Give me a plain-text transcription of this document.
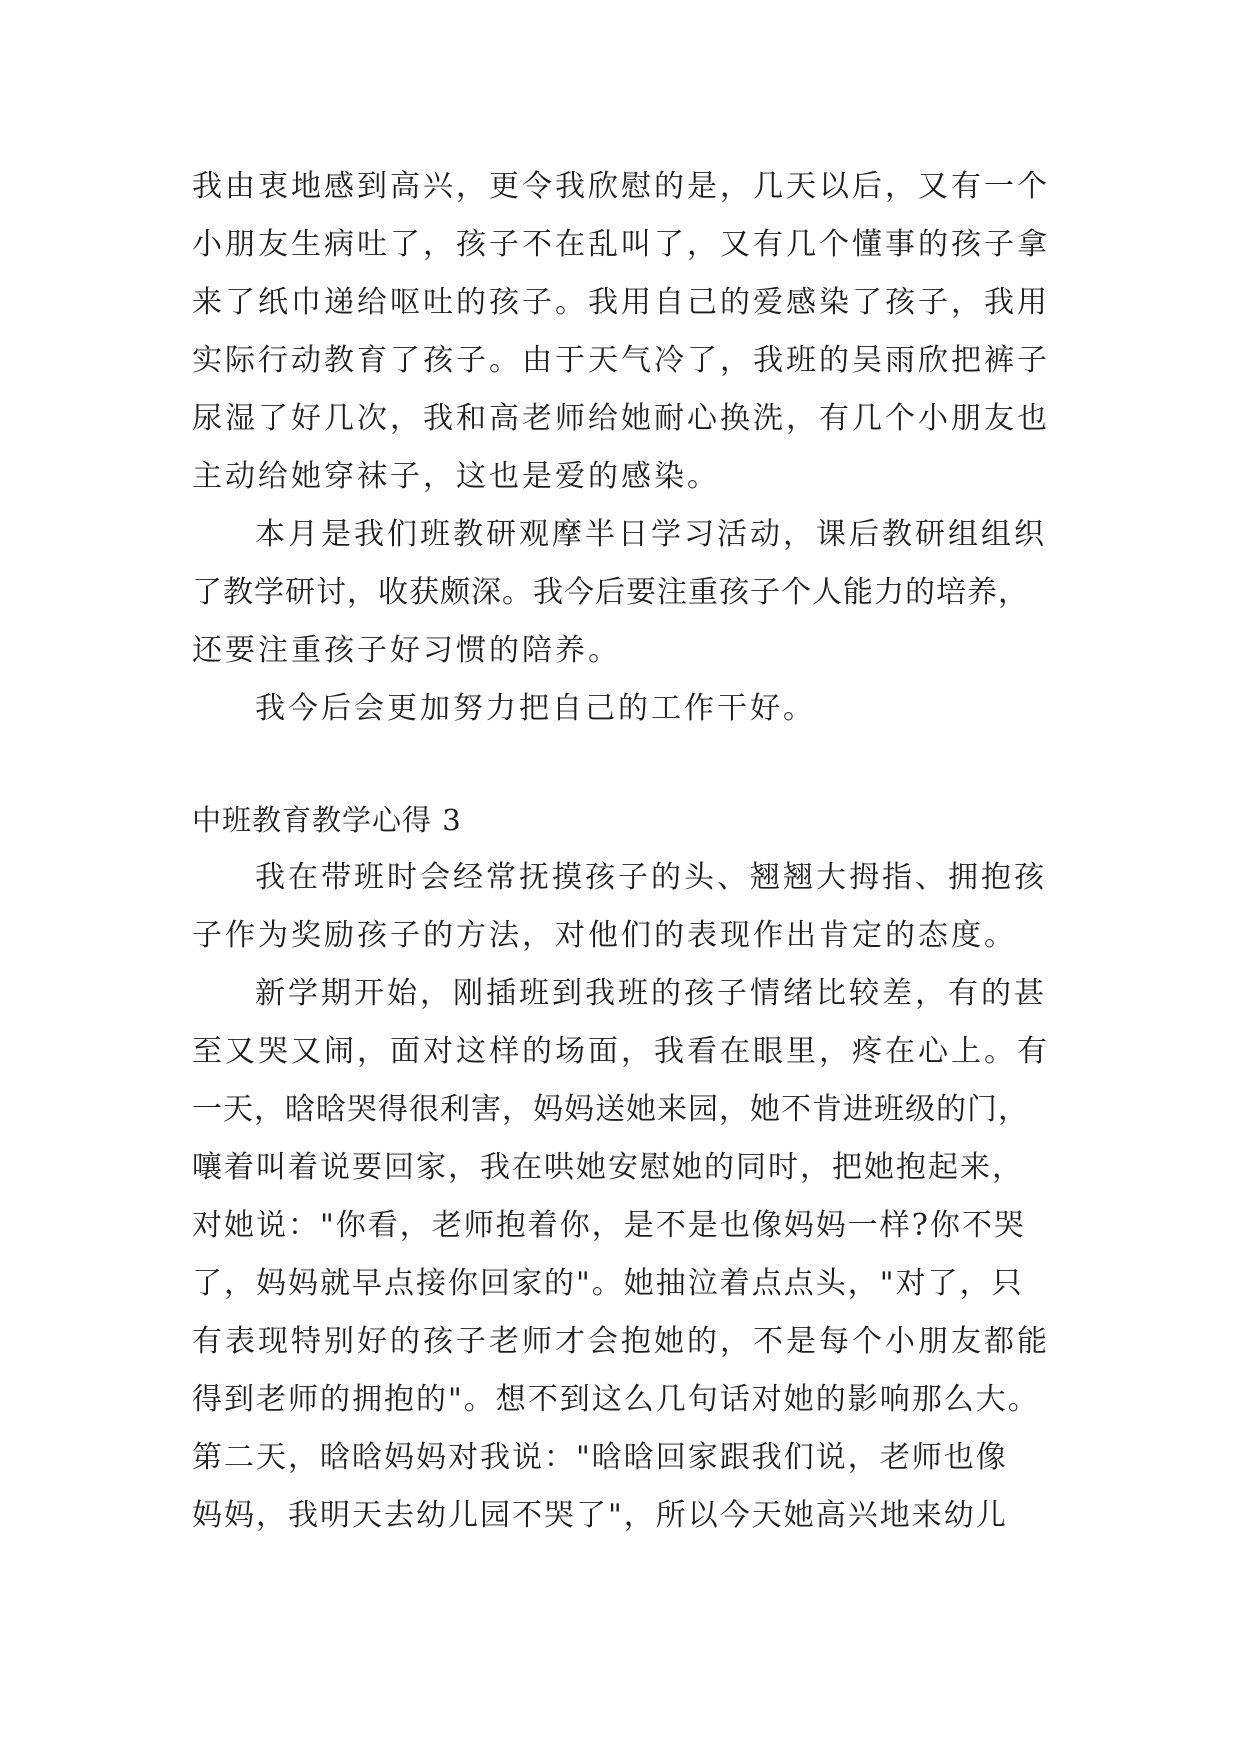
我由衷地感到高兴，更令我欣慰的是，几天以后，又有一个
小朋友生病吐了，孩子不在乱叫了，又有几个懂事的孩子拿
来了纸巾递给呕吐的孩子。我用自己的爱感染了孩子，我用
实际行动教育了孩子。由于天气冷了，我班的吴雨欣把裤子
尿湿了好几次，我和高老师给她耐心换洗，有几个小朋友也
主动给她穿袜子，这也是爱的感染。
本月是我们班教研观摩半日学习活动，课后教研组组织
了教学研讨，收获颇深。我今后要注重孩子个人能力的培养，
还要注重孩子好习惯的陪养。
我今后会更加努力把自己的工作干好。
中班教育教学心得 3
我在带班时会经常抚摸孩子的头、翘翘大拇指、拥抱孩
子作为奖励孩子的方法，对他们的表现作出肯定的态度。
新学期开始，刚插班到我班的孩子情绪比较差，有的甚
至又哭又闹，面对这样的场面，我看在眼里，疼在心上。有
一天，晗晗哭得很利害，妈妈送她来园，她不肯进班级的门，
嚷着叫着说要回家，我在哄她安慰她的同时，把她抱起来，
对她说："你看，老师抱着你，是不是也像妈妈一样?你不哭
了，妈妈就早点接你回家的"。她抽泣着点点头，"对了，只
有表现特别好的孩子老师才会抱她的，不是每个小朋友都能
得到老师的拥抱的"。想不到这么几句话对她的影响那么大。
第二天，晗晗妈妈对我说："晗晗回家跟我们说，老师也像
妈妈，我明天去幼儿园不哭了"，所以今天她高兴地来幼儿
